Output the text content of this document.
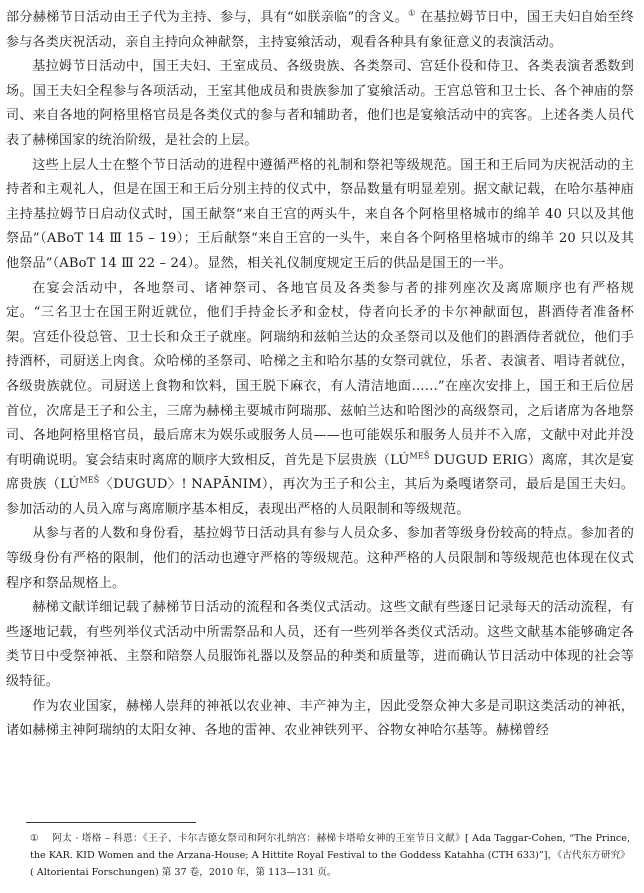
部分赫梯节日活动由王子代为主持、参与，具有“如朕亲临”的含义。① 在基拉姆节日中，国王夫妇自始至终参与各类庆祝活动，亲自主持向众神献祭，主持宴飨活动，观看各种具有象征意义的表演活动。

基拉姆节日活动中，国王夫妇、王室成员、各级贵族、各类祭司、宫廷仆役和侍卫、各类表演者悉数到场。国王夫妇全程参与各项活动，王室其他成员和贵族参加了宴飨活动。王宫总管和卫士长、各个神庙的祭司、来自各地的阿格里格官员是各类仪式的参与者和辅助者，他们也是宴飨活动中的宾客。上述各类人员代表了赫梯国家的统治阶级，是社会的上层。

这些上层人士在整个节日活动的进程中遵循严格的礼制和祭祀等级规范。国王和王后同为庆祝活动的主持者和主观礼人，但是在国王和王后分别主持的仪式中，祭品数量有明显差别。据文献记载，在哈尔基神庙主持基拉姆节日启动仪式时，国王献祭“来自王宫的两头牛，来自各个阿格里格城市的绵羊 40 只以及其他祭品”（ABoT 14 Ⅲ 15 – 19）；王后献祭“来自王宫的一头牛，来自各个阿格里格城市的绵羊 20 只以及其他祭品”（ABoT 14 Ⅲ 22 – 24）。显然，相关礼仪制度规定王后的供品是国王的一半。

在宴会活动中，各地祭司、诸神祭司、各地官员及各类参与者的排列座次及离席顺序也有严格规定。“三名卫士在国王附近就位，他们手持金长矛和金杖，侍者向长矛的卡尔神献面包，斟酒侍者准备杯架。宫廷仆役总管、卫士长和众王子就座。阿瑞纳和兹帕兰达的众圣祭司以及他们的斟酒侍者就位，他们手持酒杯，司厨送上肉食。众哈梯的圣祭司、哈梯之主和哈尔基的女祭司就位，乐者、表演者、唱诗者就位，各级贵族就位。司厨送上食物和饮料，国王脱下麻衣，有人清洁地面……”在座次安排上，国王和王后位居首位，次席是王子和公主，三席为赫梯主要城市阿瑞那、兹帕兰达和哈图沙的高级祭司，之后诸席为各地祭司、各地阿格里格官员，最后席末为娱乐或服务人员——也可能娱乐和服务人员并不入席，文献中对此并没有明确说明。宴会结束时离席的顺序大致相反，首先是下层贵族（$LÚ^{MEŠ}$ DUGUD ERIG）离席，其次是宴席贵族（$LÚ^{MEŠ}$〈DUGUD〉! NAPĀNIM），再次为王子和公主，其后为桑嘎诸祭司，最后是国王夫妇。参加活动的人员入席与离席顺序基本相反，表现出严格的人员限制和等级规范。

从参与者的人数和身份看，基拉姆节日活动具有参与人员众多、参加者等级身份较高的特点。参加者的等级身份有严格的限制，他们的活动也遵守严格的等级规范。这种严格的人员限制和等级规范也体现在仪式程序和祭品规格上。

赫梯文献详细记载了赫梯节日活动的流程和各类仪式活动。这些文献有些逐日记录每天的活动流程，有些逐地记载，有些列举仪式活动中所需祭品和人员，还有一些列举各类仪式活动。这些文献基本能够确定各类节日中受祭神祇、主祭和陪祭人员服饰礼器以及祭品的种类和质量等，进而确认节日活动中体现的社会等级特征。

作为农业国家，赫梯人崇拜的神祇以农业神、丰产神为主，因此受祭众神大多是司职这类活动的神祇，诸如赫梯主神阿瑞纳的太阳女神、各地的雷神、农业神铁列平、谷物女神哈尔基等。赫梯曾经

① 阿太 · 塔格 – 科恩：《王子、卡尔吉德女祭司和阿尔扎纳宫：赫梯卡塔哈女神的王室节日文献》[ Ada Taggar-Cohen, “The Prince, the KAR. KID Women and the Arzana-House; A Hittite Royal Festival to the Goddess Katahha (CTH 633)”]，《古代东方研究》( Altorientai Forschungen) 第 37 卷，2010 年，第 113—131 页。
